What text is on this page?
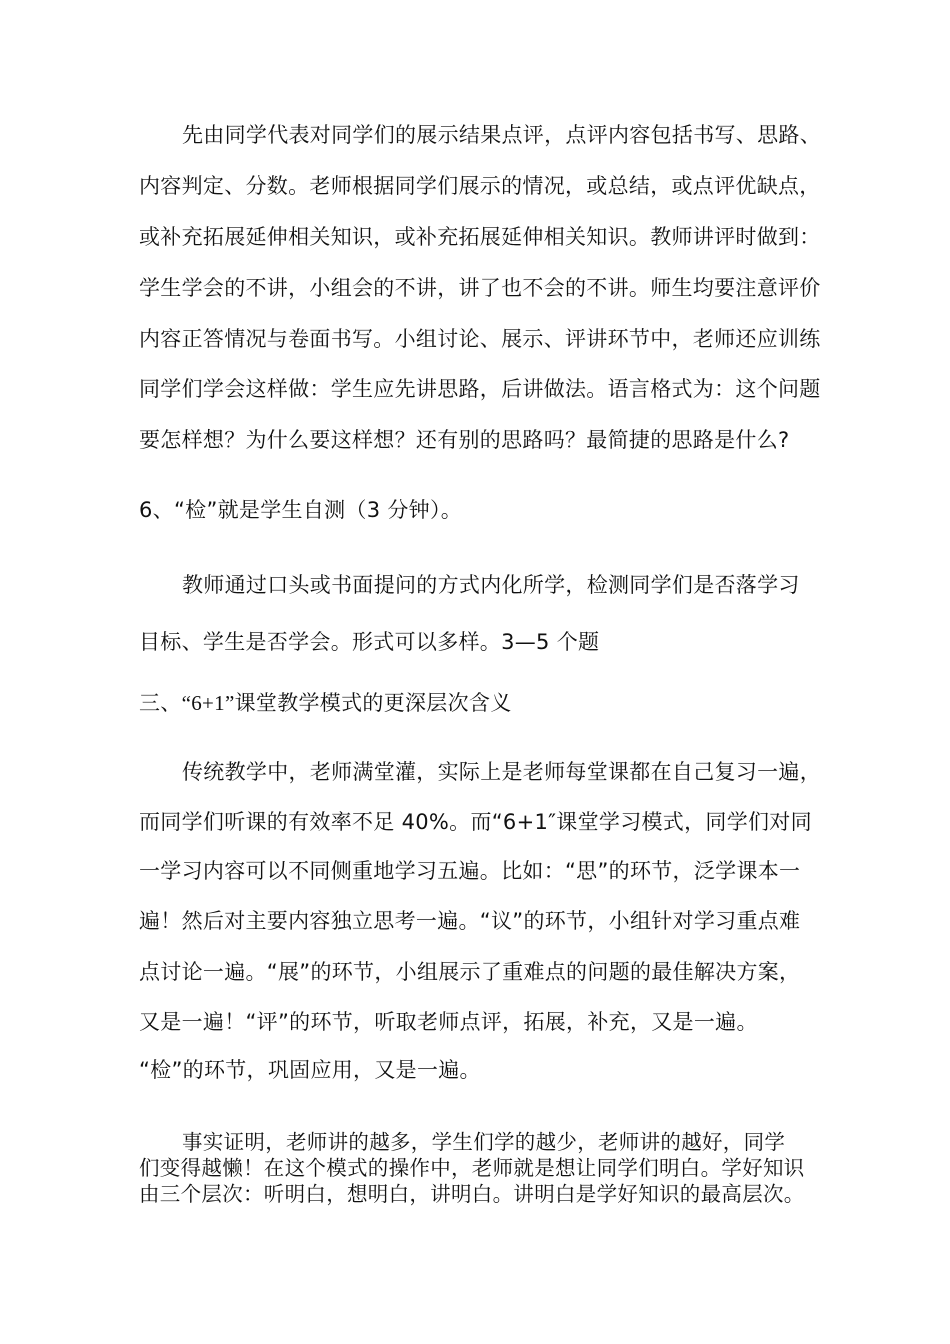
先由同学代表对同学们的展示结果点评，点评内容包括书写、思路、
内容判定、分数。老师根据同学们展示的情况，或总结，或点评优缺点，
或补充拓展延伸相关知识，或补充拓展延伸相关知识。教师讲评时做到：
学生学会的不讲，小组会的不讲，讲了也不会的不讲。师生均要注意评价
内容正答情况与卷面书写。小组讨论、展示、评讲环节中，老师还应训练
同学们学会这样做：学生应先讲思路，后讲做法。语言格式为：这个问题
要怎样想？为什么要这样想？还有别的思路吗？最简捷的思路是什么?
6、“检”就是学生自测（3 分钟）。
教师通过口头或书面提问的方式内化所学，检测同学们是否落学习
目标、学生是否学会。形式可以多样。3—5 个题
三、“6+1”课堂教学模式的更深层次含义
传统教学中，老师满堂灌，实际上是老师每堂课都在自己复习一遍，
而同学们听课的有效率不足 40%。而“6+1″课堂学习模式，同学们对同
一学习内容可以不同侧重地学习五遍。比如：“思”的环节，泛学课本一
遍！然后对主要内容独立思考一遍。“议”的环节，小组针对学习重点难
点讨论一遍。“展”的环节，小组展示了重难点的问题的最佳解决方案，
又是一遍！“评”的环节，听取老师点评，拓展，补充，又是一遍。
“检”的环节，巩固应用，又是一遍。
事实证明，老师讲的越多，学生们学的越少，老师讲的越好，同学
们变得越懒！在这个模式的操作中，老师就是想让同学们明白。学好知识
由三个层次：听明白，想明白，讲明白。讲明白是学好知识的最高层次。
